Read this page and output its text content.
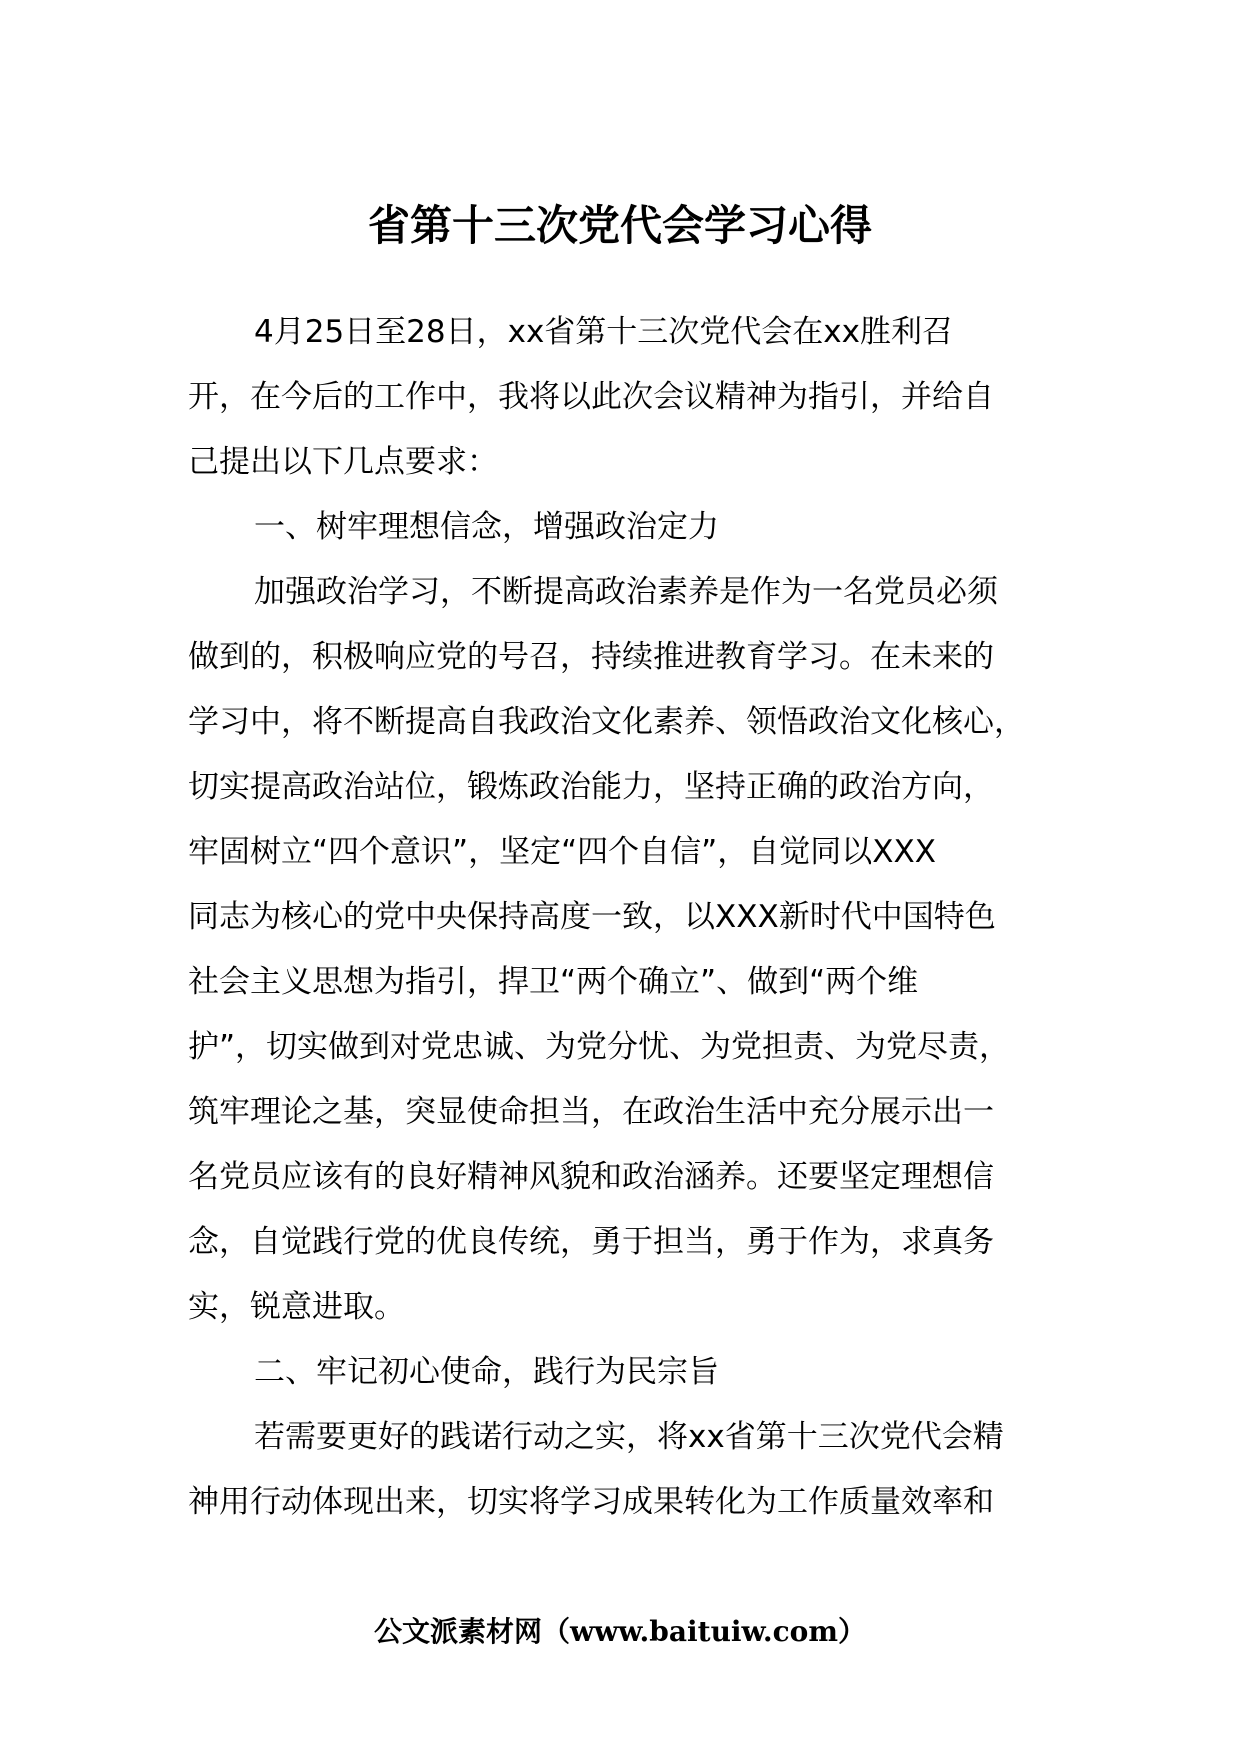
省第十三次党代会学习心得
4月25日至28日，xx省第十三次党代会在xx胜利召
开，在今后的工作中，我将以此次会议精神为指引，并给自
己提出以下几点要求：
一、树牢理想信念，增强政治定力
加强政治学习，不断提高政治素养是作为一名党员必须
做到的，积极响应党的号召，持续推进教育学习。在未来的
学习中，将不断提高自我政治文化素养、领悟政治文化核心，
切实提高政治站位，锻炼政治能力，坚持正确的政治方向，
牢固树立“四个意识”，坚定“四个自信”，自觉同以XXX
同志为核心的党中央保持高度一致，以XXX新时代中国特色
社会主义思想为指引，捍卫“两个确立”、做到“两个维
护”，切实做到对党忠诚、为党分忧、为党担责、为党尽责，
筑牢理论之基，突显使命担当，在政治生活中充分展示出一
名党员应该有的良好精神风貌和政治涵养。还要坚定理想信
念，自觉践行党的优良传统，勇于担当，勇于作为，求真务
实，锐意进取。
二、牢记初心使命，践行为民宗旨
若需要更好的践诺行动之实，将xx省第十三次党代会精
神用行动体现出来，切实将学习成果转化为工作质量效率和
公文派素材网（www.baituiw.com）
